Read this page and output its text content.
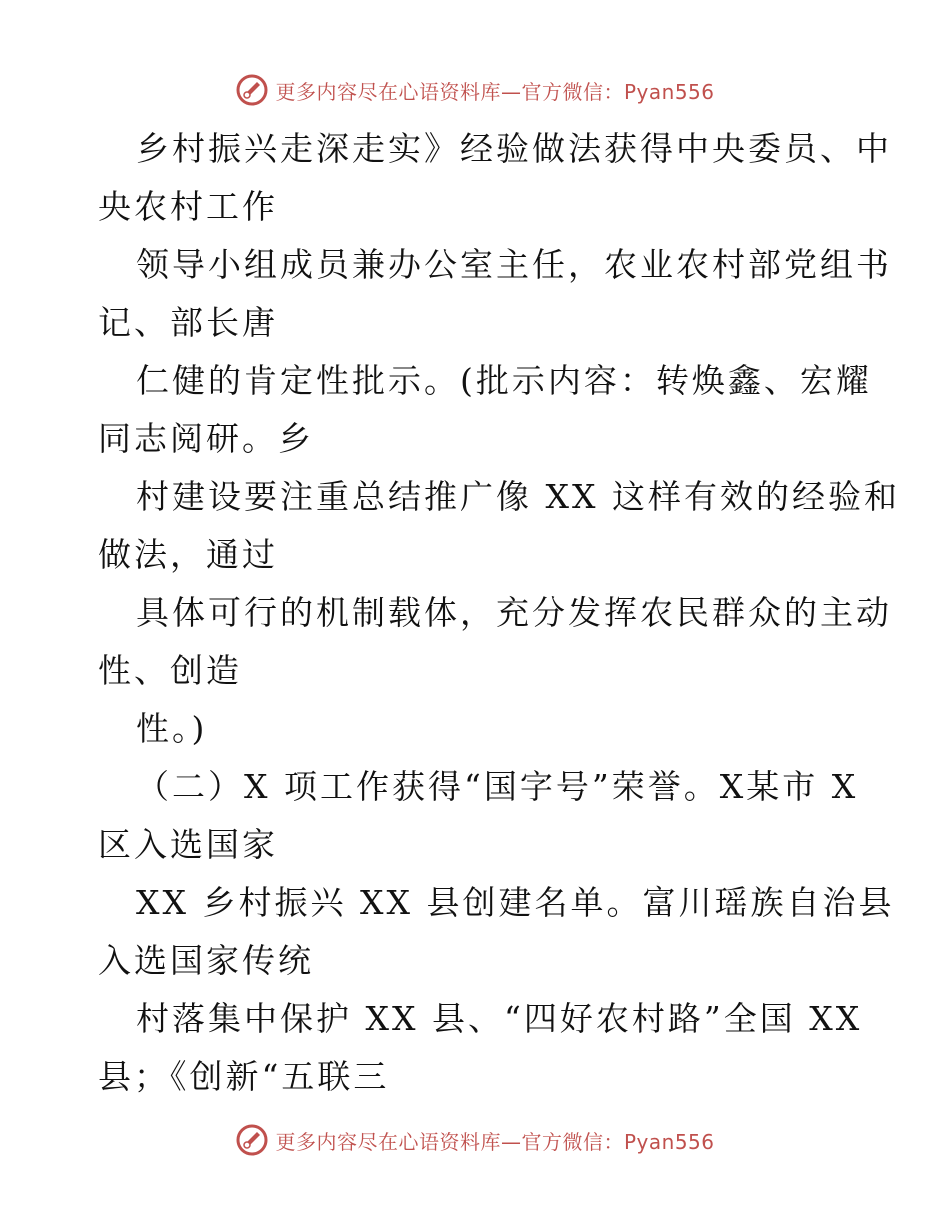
更多内容尽在心语资料库—官方微信：Pyan556
乡村振兴走深走实》经验做法获得中央委员、中
央农村工作
领导小组成员兼办公室主任，农业农村部党组书
记、部长唐
仁健的肯定性批示。(批示内容：转焕鑫、宏耀
同志阅研。乡
村建设要注重总结推广像 XX 这样有效的经验和
做法，通过
具体可行的机制载体，充分发挥农民群众的主动
性、创造
性。)
（二）X 项工作获得“国字号”荣誉。X某市 X
区入选国家
XX 乡村振兴 XX 县创建名单。富川瑶族自治县
入选国家传统
村落集中保护 XX 县、“四好农村路”全国 XX
县；《创新“五联三
更多内容尽在心语资料库—官方微信：Pyan556
